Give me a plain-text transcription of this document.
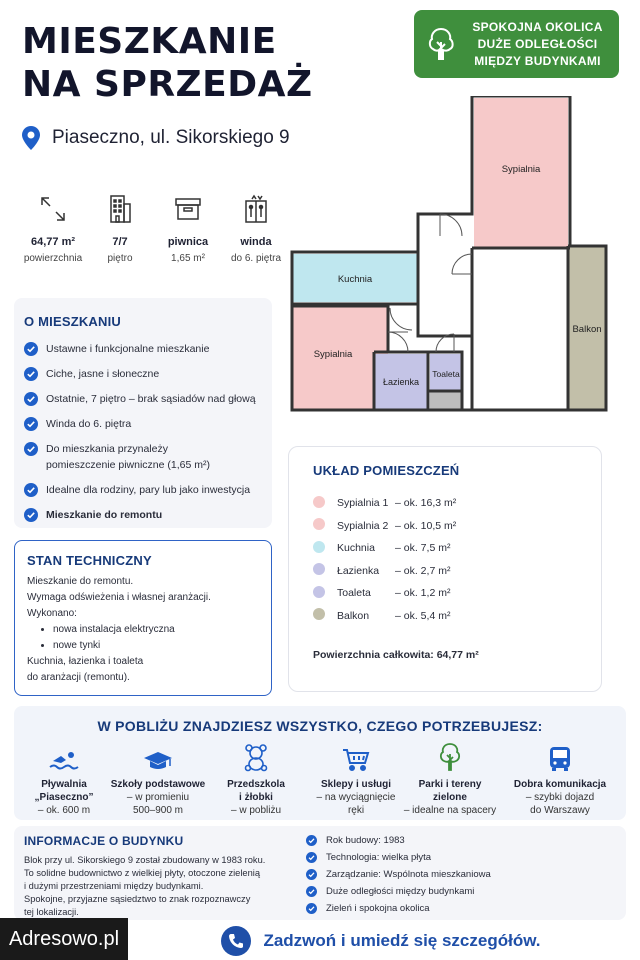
MIESZKANIE
NA SPRZEDAŻ
SPOKOJNA OKOLICA
DUŻE ODLEGŁOŚCI
MIĘDZY BUDYNKAMI
Piaseczno, ul. Sikorskiego 9
64,77 m²
powierzchnia
7/7
piętro
piwnica
1,65 m²
winda
do 6. piętra
Sypialnia
Kuchnia
Sypialnia
Łazienka
Toaleta
Balkon
O MIESZKANIU
Ustawne i funkcjonalne mieszkanie
Ciche, jasne i słoneczne
Ostatnie, 7 piętro – brak sąsiadów nad głową
Winda do 6. piętra
Do mieszkania przynależy
pomieszczenie piwniczne (1,65 m²)
Idealne dla rodziny, pary lub jako inwestycja
Mieszkanie do remontu
STAN TECHNICZNY

Mieszkanie do remontu.

Wymaga odświeżenia i własnej aranżacji.

Wykonano:

• nowa instalacja elektryczna
• nowe tynki

Kuchnia, łazienka i toaleta

do aranżacji (remontu).

UKŁAD POMIESZCZEŃ
	Sypialnia 1	– ok. 16,3 m²
	Sypialnia 2	– ok. 10,5 m²
	Kuchnia	– ok. 7,5 m²
	Łazienka	– ok. 2,7 m²
	Toaleta	– ok. 1,2 m²
	Balkon	– ok. 5,4 m²
Powierzchnia całkowita: 64,77 m²
W POBLIŻU ZNAJDZIESZ WSZYSTKO, CZEGO POTRZEBUJESZ:
Pływalnia
„Piaseczno”
– ok. 600 m
Szkoły podstawowe
– w promieniu
500–900 m
Przedszkola
i żłobki
– w pobliżu
Sklepy i usługi
– na wyciągnięcie
ręki
Parki i tereny
zielone
– idealne na spacery
Dobra komunikacja
– szybki dojazd
do Warszawy
INFORMACJE O BUDYNKU

Blok przy ul. Sikorskiego 9 został zbudowany w 1983 roku.
To solidne budownictwo z wielkiej płyty, otoczone zielenią
i dużymi przestrzeniami między budynkami.
Spokojne, przyjazne sąsiedztwo to znak rozpoznawczy
tej lokalizacji.

Rok budowy: 1983
Technologia: wielka płyta
Zarządzanie: Wspólnota mieszkaniowa
Duże odległości między budynkami
Zieleń i spokojna okolica
Zadzwoń i umiedź się szczegółów.
Adresowo.pl
